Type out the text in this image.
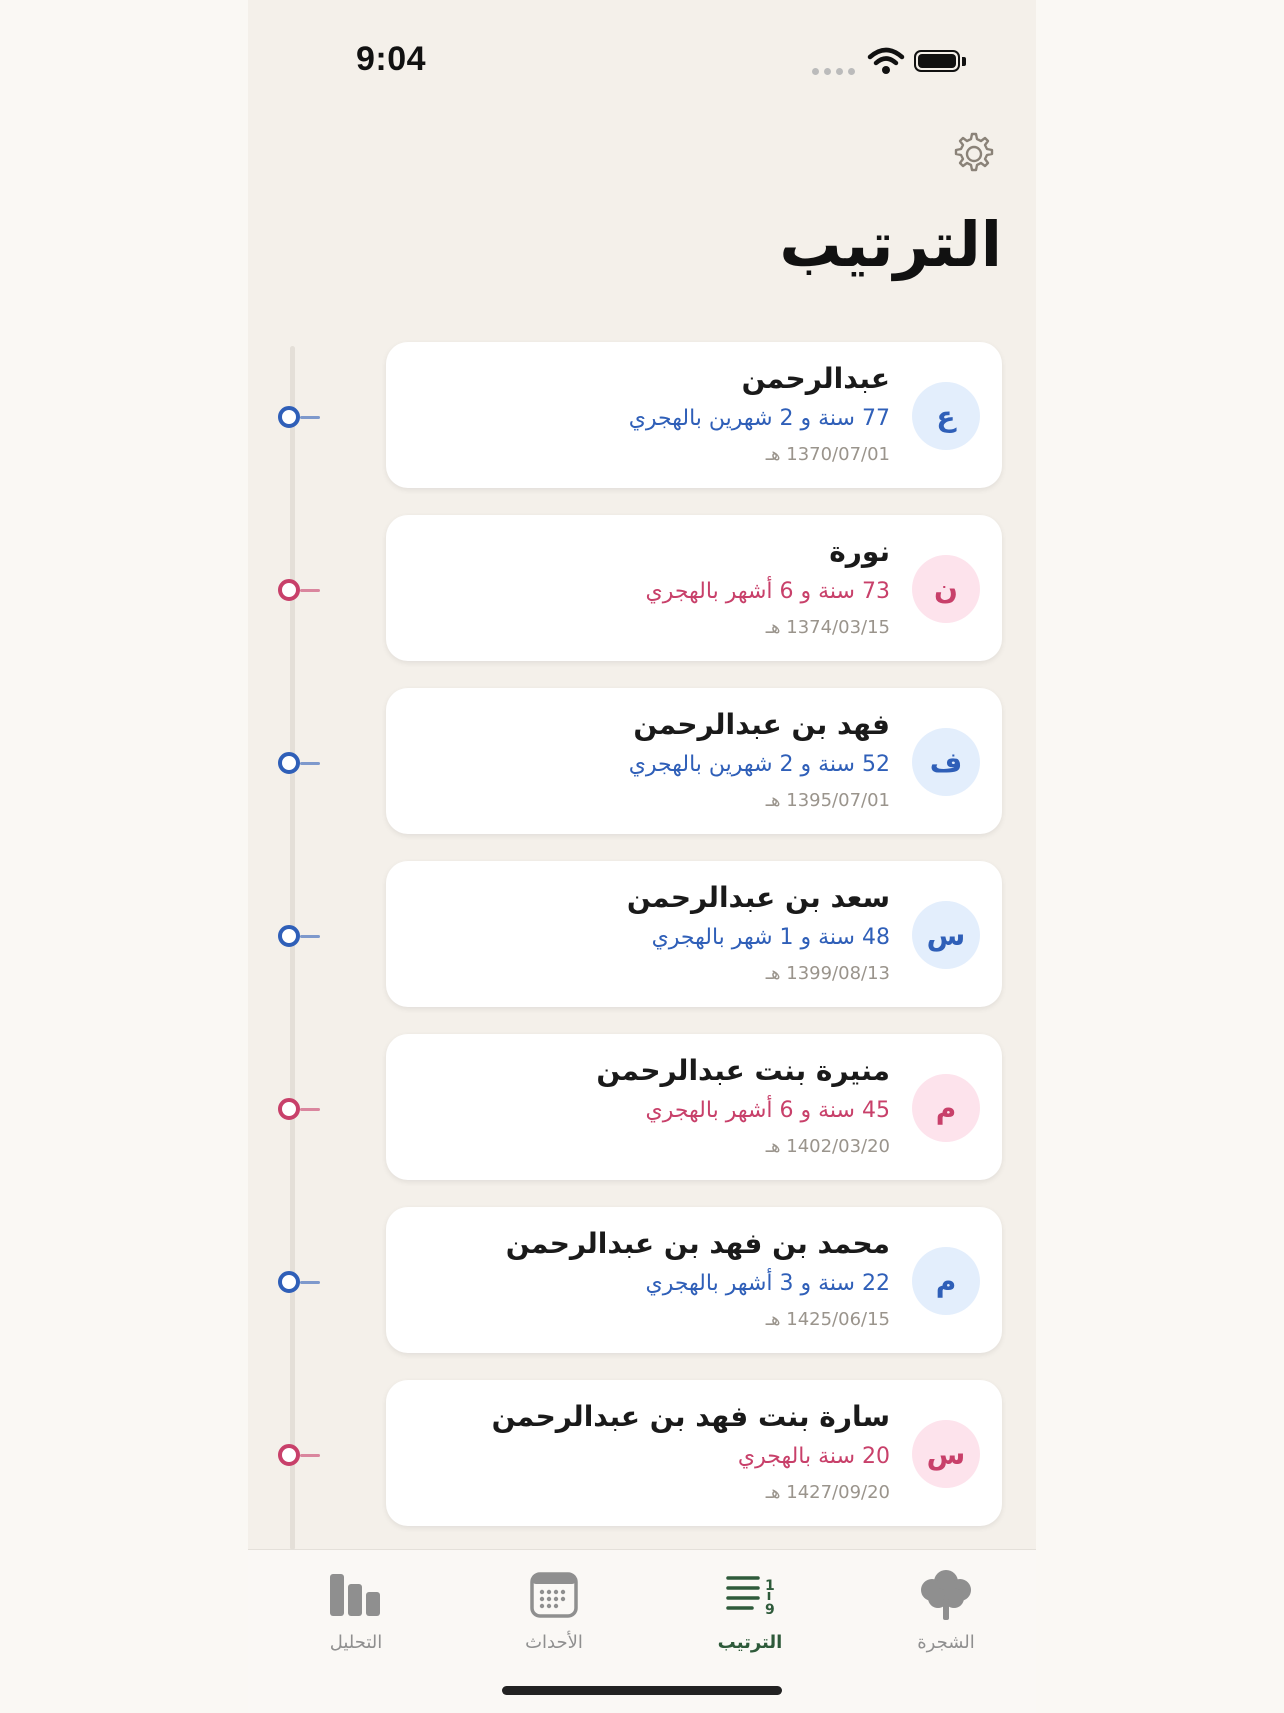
9:04
الترتيب
ع
عبدالرحمن
77 سنة و 2 شهرين بالهجري
1370/07/01 هـ
ن
نورة
73 سنة و 6 أشهر بالهجري
1374/03/15 هـ
ف
فهد بن عبدالرحمن
52 سنة و 2 شهرين بالهجري
1395/07/01 هـ
س
سعد بن عبدالرحمن
48 سنة و 1 شهر بالهجري
1399/08/13 هـ
م
منيرة بنت عبدالرحمن
45 سنة و 6 أشهر بالهجري
1402/03/20 هـ
م
محمد بن فهد بن عبدالرحمن
22 سنة و 3 أشهر بالهجري
1425/06/15 هـ
س
سارة بنت فهد بن عبدالرحمن
20 سنة بالهجري
1427/09/20 هـ
التحليل	الأحداث
1
9
الترتيب	الشجرة
